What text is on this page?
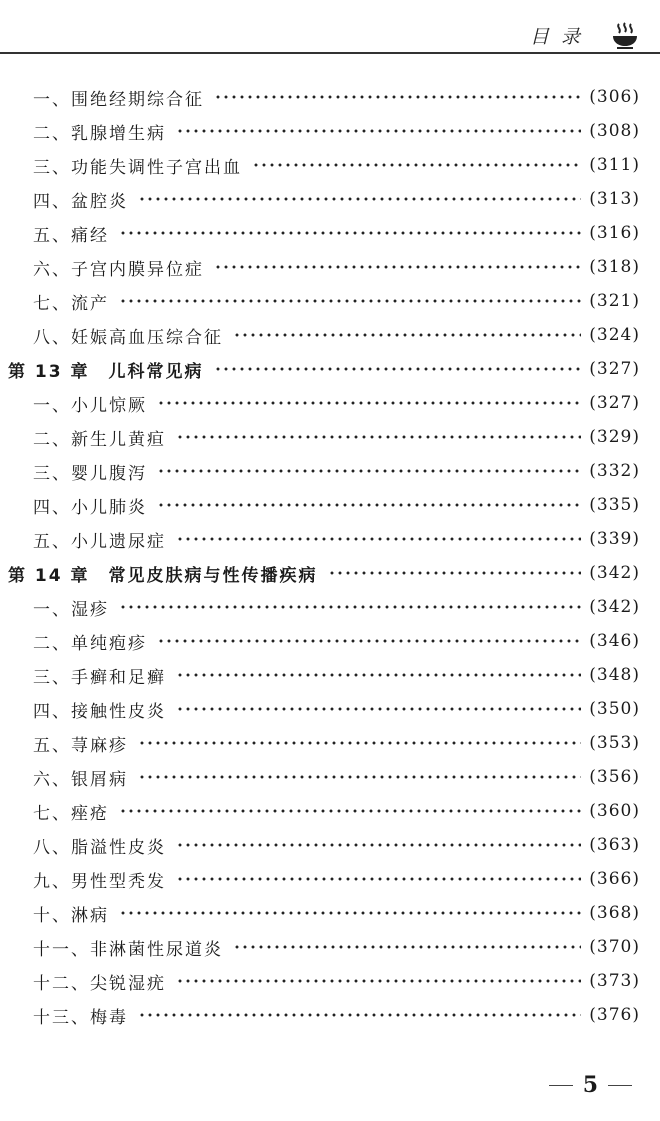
目录
一、围绝经期综合征	(306)
二、乳腺增生病	(308)
三、功能失调性子宫出血	(311)
四、盆腔炎	(313)
五、痛经	(316)
六、子宫内膜异位症	(318)
七、流产	(321)
八、妊娠高血压综合征	(324)
第 13 章　儿科常见病	(327)
一、小儿惊厥	(327)
二、新生儿黄疸	(329)
三、婴儿腹泻	(332)
四、小儿肺炎	(335)
五、小儿遗尿症	(339)
第 14 章　常见皮肤病与性传播疾病	(342)
一、湿疹	(342)
二、单纯疱疹	(346)
三、手癣和足癣	(348)
四、接触性皮炎	(350)
五、荨麻疹	(353)
六、银屑病	(356)
七、痤疮	(360)
八、脂溢性皮炎	(363)
九、男性型秃发	(366)
十、淋病	(368)
十一、非淋菌性尿道炎	(370)
十二、尖锐湿疣	(373)
十三、梅毒	(376)
5
